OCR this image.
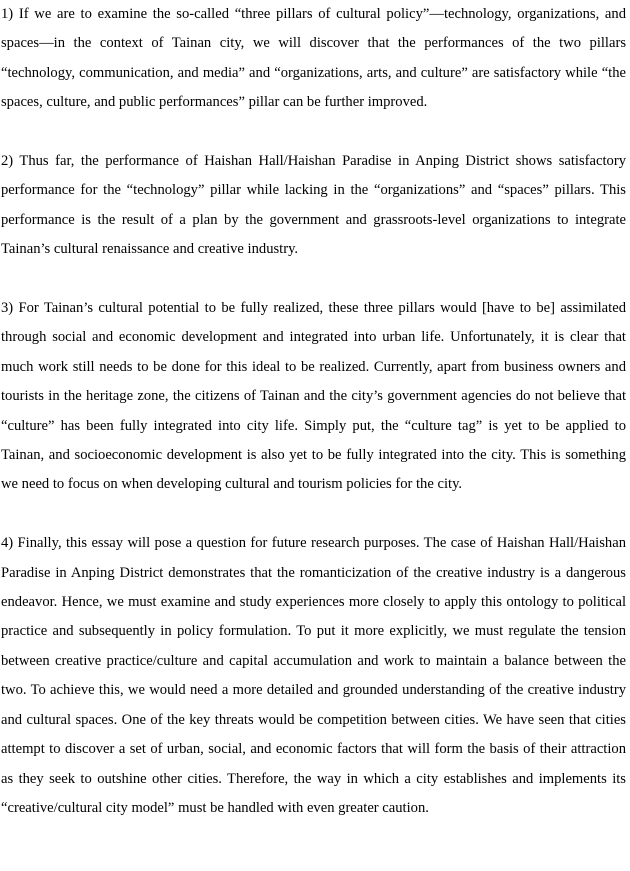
1) If we are to examine the so-called “three pillars of cultural policy”—technology, organizations, and spaces—in the context of Tainan city, we will discover that the performances of the two pillars “technology, communication, and media” and “organizations, arts, and culture” are satisfactory while “the spaces, culture, and public performances” pillar can be further improved.

2) Thus far, the performance of Haishan Hall/Haishan Paradise in Anping District shows satisfactory performance for the “technology” pillar while lacking in the “organizations” and “spaces” pillars. This performance is the result of a plan by the government and grassroots-level organizations to integrate Tainan’s cultural renaissance and creative industry.

3) For Tainan’s cultural potential to be fully realized, these three pillars would [have to be] assimilated through social and economic development and integrated into urban life. Unfortunately, it is clear that much work still needs to be done for this ideal to be realized. Currently, apart from business owners and tourists in the heritage zone, the citizens of Tainan and the city’s government agencies do not believe that “culture” has been fully integrated into city life. Simply put, the “culture tag” is yet to be applied to Tainan, and socioeconomic development is also yet to be fully integrated into the city. This is something we need to focus on when developing cultural and tourism policies for the city.

4) Finally, this essay will pose a question for future research purposes. The case of Haishan Hall/Haishan Paradise in Anping District demonstrates that the romanticization of the creative industry is a dangerous endeavor. Hence, we must examine and study experiences more closely to apply this ontology to political practice and subsequently in policy formulation. To put it more explicitly, we must regulate the tension between creative practice/culture and capital accumulation and work to maintain a balance between the two. To achieve this, we would need a more detailed and grounded understanding of the creative industry and cultural spaces. One of the key threats would be competition between cities. We have seen that cities attempt to discover a set of urban, social, and economic factors that will form the basis of their attraction as they seek to outshine other cities. Therefore, the way in which a city establishes and implements its “creative/cultural city model” must be handled with even greater caution.
